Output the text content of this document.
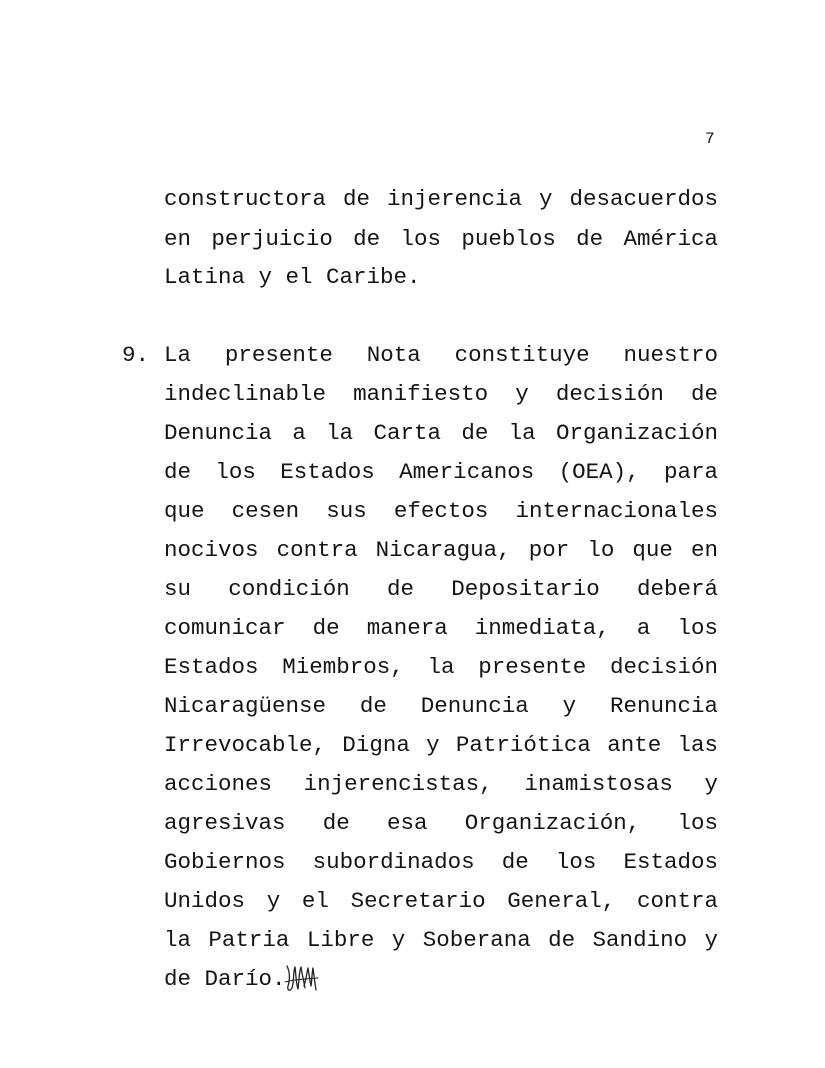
7
constructora de injerencia y desacuerdos
en perjuicio de los pueblos de América
Latina y el Caribe.
9. La presente Nota constituye nuestro
indeclinable manifiesto y decisión de
Denuncia a la Carta de la Organización
de los Estados Americanos (OEA), para
que cesen sus efectos internacionales
nocivos contra Nicaragua, por lo que en
su condición de Depositario deberá
comunicar de manera inmediata, a los
Estados Miembros, la presente decisión
Nicaragüense de Denuncia y Renuncia
Irrevocable, Digna y Patriótica ante las
acciones injerencistas, inamistosas y
agresivas de esa Organización, los
Gobiernos subordinados de los Estados
Unidos y el Secretario General, contra
la Patria Libre y Soberana de Sandino y
de Darío.
